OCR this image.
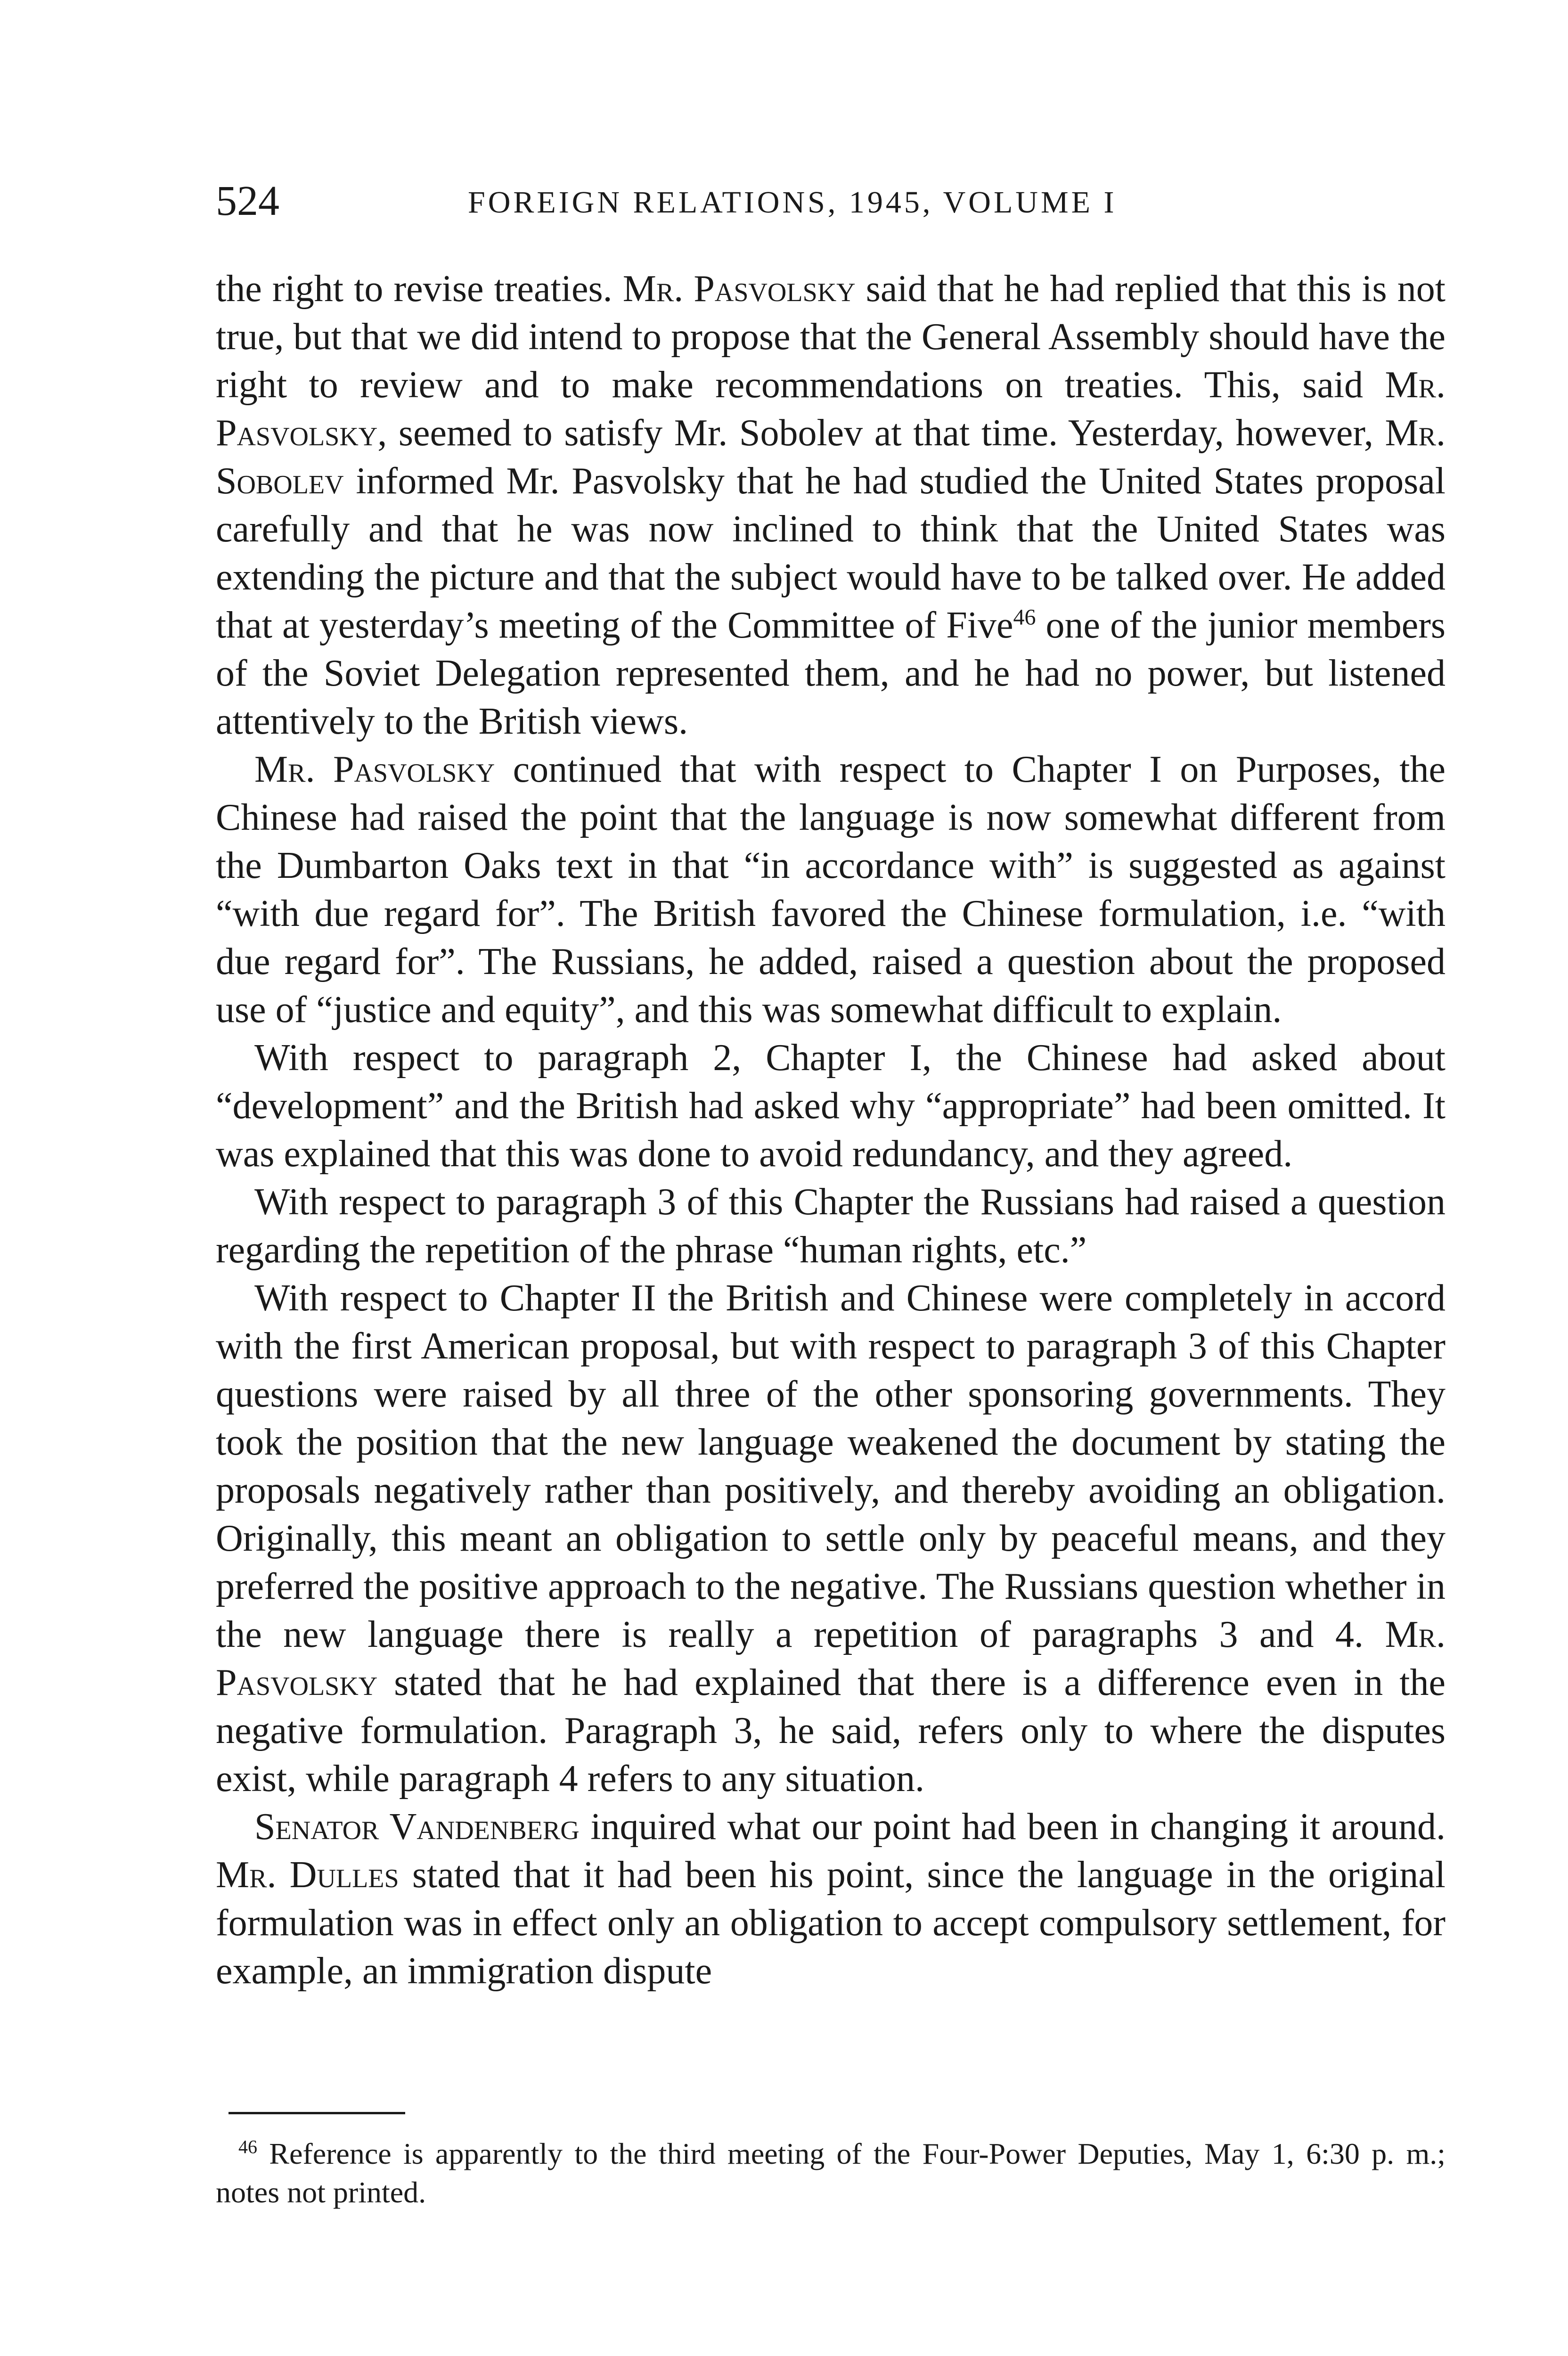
524	FOREIGN RELATIONS, 1945, VOLUME I

the right to revise treaties. Mr. Pasvolsky said that he had replied that this is not true, but that we did intend to propose that the General Assembly should have the right to review and to make recommendations on treaties. This, said Mr. Pasvolsky, seemed to satisfy Mr. Sobolev at that time. Yesterday, however, Mr. Sobolev informed Mr. Pasvolsky that he had studied the United States proposal carefully and that he was now inclined to think that the United States was extending the picture and that the subject would have to be talked over. He added that at yesterday’s meeting of the Committee of Five$^{46}$ one of the junior members of the Soviet Delegation represented them, and he had no power, but listened attentively to the British views.

Mr. Pasvolsky continued that with respect to Chapter I on Purposes, the Chinese had raised the point that the language is now somewhat different from the Dumbarton Oaks text in that “in accordance with” is suggested as against “with due regard for”. The British favored the Chinese formulation, i.e. “with due regard for”. The Russians, he added, raised a question about the proposed use of “justice and equity”, and this was somewhat difficult to explain.

With respect to paragraph 2, Chapter I, the Chinese had asked about “development” and the British had asked why “appropriate” had been omitted. It was explained that this was done to avoid redundancy, and they agreed.

With respect to paragraph 3 of this Chapter the Russians had raised a question regarding the repetition of the phrase “human rights, etc.”

With respect to Chapter II the British and Chinese were completely in accord with the first American proposal, but with respect to paragraph 3 of this Chapter questions were raised by all three of the other sponsoring governments. They took the position that the new language weakened the document by stating the proposals negatively rather than positively, and thereby avoiding an obligation. Originally, this meant an obligation to settle only by peaceful means, and they preferred the positive approach to the negative. The Russians question whether in the new language there is really a repetition of paragraphs 3 and 4. Mr. Pasvolsky stated that he had explained that there is a difference even in the negative formulation. Paragraph 3, he said, refers only to where the disputes exist, while paragraph 4 refers to any situation.

Senator Vandenberg inquired what our point had been in changing it around. Mr. Dulles stated that it had been his point, since the language in the original formulation was in effect only an obligation to accept compulsory settlement, for example, an immigration dispute

$^{46}$ Reference is apparently to the third meeting of the Four-Power Deputies, May 1, 6:30 p. m.; notes not printed.
